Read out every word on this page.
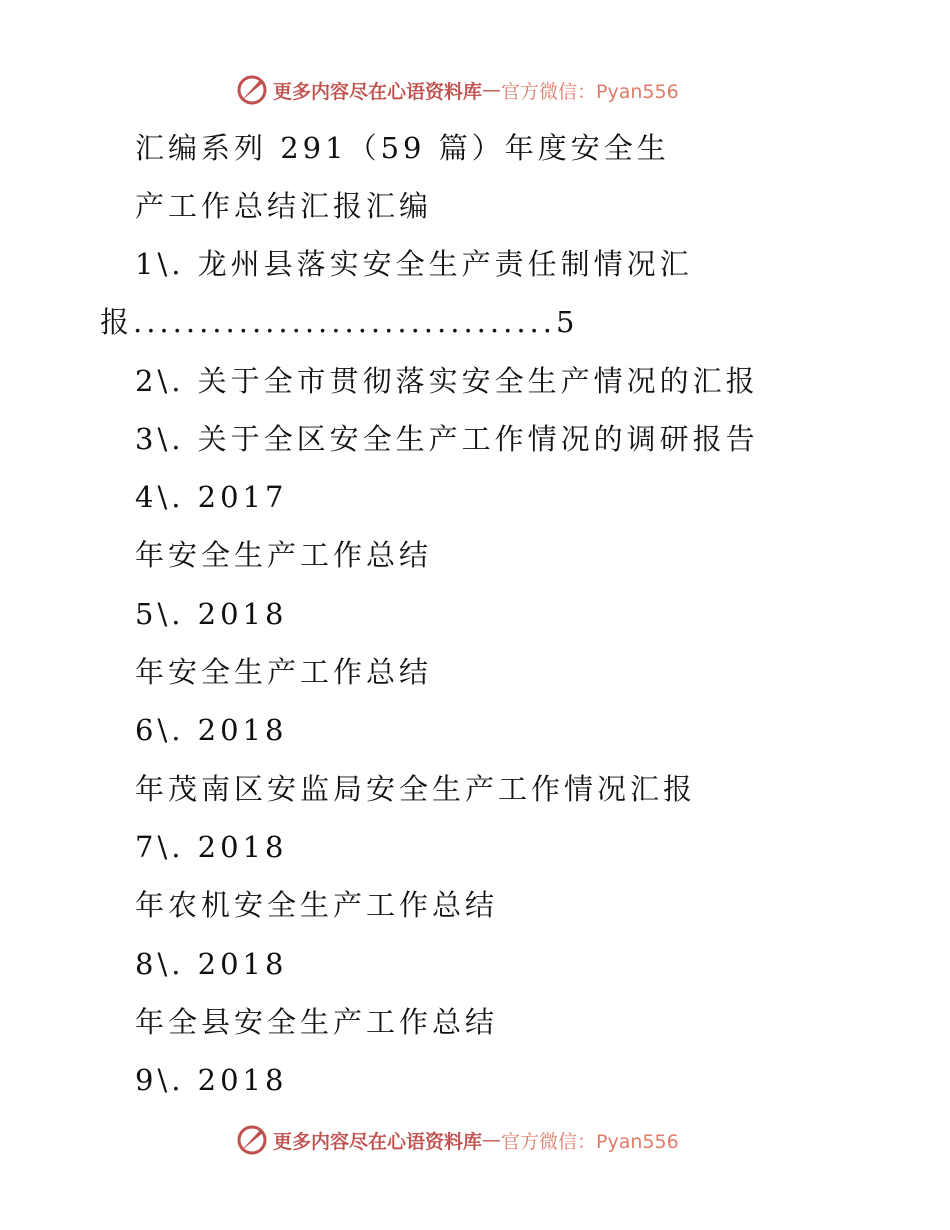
更多内容尽在心语资料库 — 官方微信：Pyan556
汇编系列 291（59 篇）年度安全生
产工作总结汇报汇编
1\. 龙州县落实安全生产责任制情况汇
报................................5
2\. 关于全市贯彻落实安全生产情况的汇报
3\. 关于全区安全生产工作情况的调研报告
4\. 2017
年安全生产工作总结
5\. 2018
年安全生产工作总结
6\. 2018
年茂南区安监局安全生产工作情况汇报
7\. 2018
年农机安全生产工作总结
8\. 2018
年全县安全生产工作总结
9\. 2018
更多内容尽在心语资料库 — 官方微信：Pyan556
